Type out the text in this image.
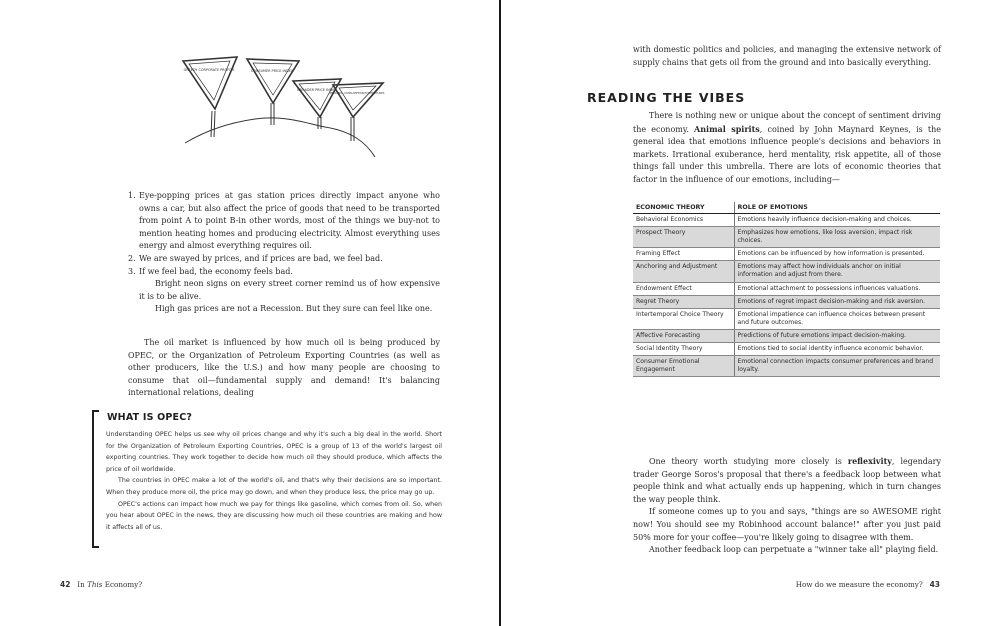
GREEDY CORPORATE PROFITS	CONSUMER PRICE INDEX
BROADER PRICE INDEX
PERSONAL CONSUMPTION EXPENDITURES
1. Eye-popping prices at gas station prices directly impact anyone who owns a car, but also affect the price of goods that need to be transported from point A to point B-in other words, most of the things we buy-not to mention heating homes and producing electricity. Almost everything uses energy and almost everything requires oil.
2. We are swayed by prices, and if prices are bad, we feel bad.
3. If we feel bad, the economy feels bad.

Bright neon signs on every street corner remind us of how expensive it is to be alive.

High gas prices are not a Recession. But they sure can feel like one.

The oil market is influenced by how much oil is being produced by OPEC, or the Organization of Petroleum Exporting Countries (as well as other producers, like the U.S.) and how many people are choosing to consume that oil—fundamental supply and demand! It's balancing international relations, dealing

WHAT IS OPEC?

Understanding OPEC helps us see why oil prices change and why it's such a big deal in the world. Short for the Organization of Petroleum Exporting Countries, OPEC is a group of 13 of the world's largest oil exporting countries. They work together to decide how much oil they should produce, which affects the price of oil worldwide.

The countries in OPEC make a lot of the world's oil, and that's why their decisions are so important. When they produce more oil, the price may go down, and when they produce less, the price may go up.

OPEC's actions can impact how much we pay for things like gasoline, which comes from oil. So, when you hear about OPEC in the news, they are discussing how much oil these countries are making and how it affects all of us.

42 In This Economy?

with domestic politics and policies, and managing the extensive network of supply chains that gets oil from the ground and into basically everything.

READING THE VIBES

There is nothing new or unique about the concept of sentiment driving the economy. Animal spirits, coined by John Maynard Keynes, is the general idea that emotions influence people's decisions and behaviors in markets. Irrational exuberance, herd mentality, risk appetite, all of those things fall under this umbrella. There are lots of economic theories that factor in the influence of our emotions, including—

ECONOMIC THEORY	ROLE OF EMOTIONS
Behavioral Economics	Emotions heavily influence decision-making and choices.
Prospect Theory	Emphasizes how emotions, like loss aversion, impact risk choices.
Framing Effect	Emotions can be influenced by how information is presented.
Anchoring and Adjustment	Emotions may affect how individuals anchor on initial information and adjust from there.
Endowment Effect	Emotional attachment to possessions influences valuations.
Regret Theory	Emotions of regret impact decision-making and risk aversion.
Intertemporal Choice Theory	Emotional impatience can influence choices between present and future outcomes.
Affective Forecasting	Predictions of future emotions impact decision-making.
Social Identity Theory	Emotions tied to social identity influence economic behavior.
Consumer Emotional Engagement	Emotional connection impacts consumer preferences and brand loyalty.

One theory worth studying more closely is reflexivity, legendary trader George Soros's proposal that there's a feedback loop between what people think and what actually ends up happening, which in turn changes the way people think.

If someone comes up to you and says, "things are so AWESOME right now! You should see my Robinhood account balance!" after you just paid 50% more for your coffee—you're likely going to disagree with them.

Another feedback loop can perpetuate a "winner take all" playing field.

How do we measure the economy? 43
